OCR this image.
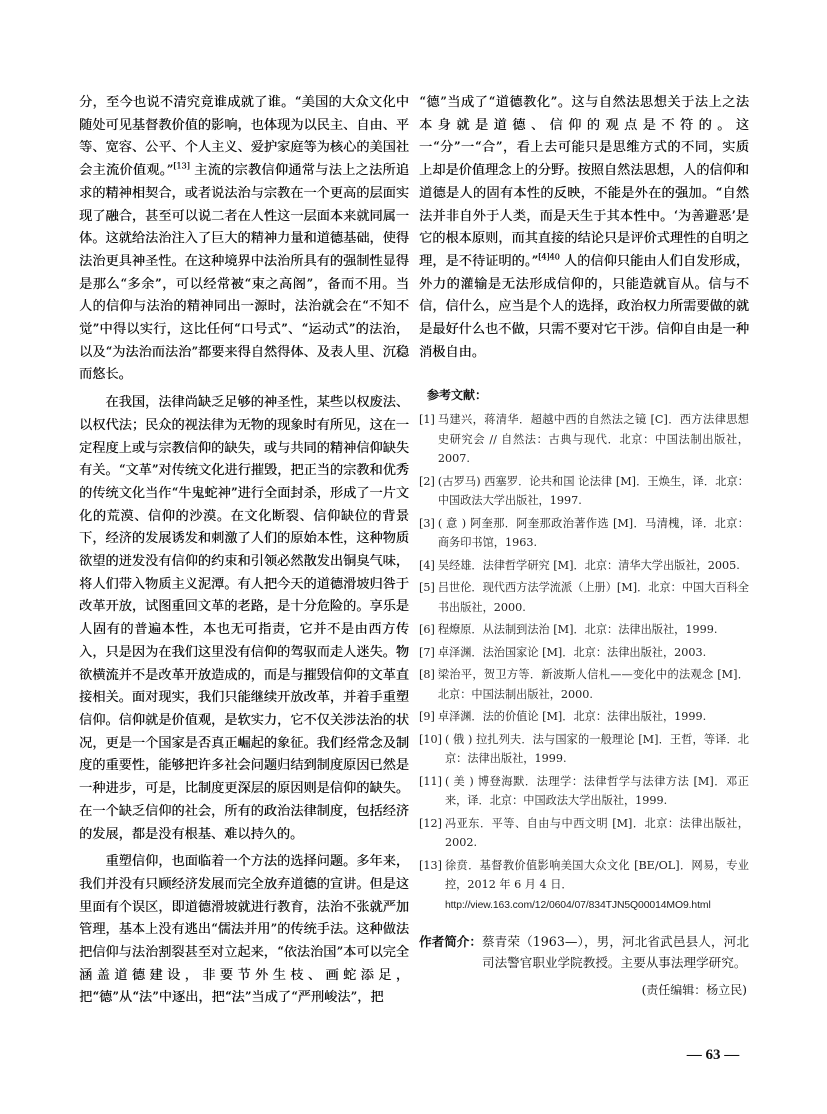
分，至今也说不清究竟谁成就了谁。“美国的大众文化中随处可见基督教价值的影响，也体现为以民主、自由、平等、宽容、公平、个人主义、爱护家庭等为核心的美国社会主流价值观。”[13] 主流的宗教信仰通常与法上之法所追求的精神相契合，或者说法治与宗教在一个更高的层面实现了融合，甚至可以说二者在人性这一层面本来就同属一体。这就给法治注入了巨大的精神力量和道德基础，使得法治更具神圣性。在这种境界中法治所具有的强制性显得是那么“多余”，可以经常被“束之高阁”，备而不用。当人的信仰与法治的精神同出一源时，法治就会在“不知不觉”中得以实行，这比任何“口号式”、“运动式”的法治，以及“为法治而法治”都要来得自然得体、及表人里、沉稳而悠长。

在我国，法律尚缺乏足够的神圣性，某些以权废法、以权代法；民众的视法律为无物的现象时有所见，这在一定程度上或与宗教信仰的缺失，或与共同的精神信仰缺失有关。“文革”对传统文化进行摧毁，把正当的宗教和优秀的传统文化当作“牛鬼蛇神”进行全面封杀，形成了一片文化的荒漠、信仰的沙漠。在文化断裂、信仰缺位的背景下，经济的发展诱发和刺激了人们的原始本性，这种物质欲望的迸发没有信仰的约束和引领必然散发出铜臭气味，将人们带入物质主义泥潭。有人把今天的道德滑坡归咎于改革开放，试图重回文革的老路，是十分危险的。享乐是人固有的普遍本性，本也无可指责，它并不是由西方传入，只是因为在我们这里没有信仰的驾驭而走人迷失。物欲横流并不是改革开放造成的，而是与摧毁信仰的文革直接相关。面对现实，我们只能继续开放改革，并着手重塑信仰。信仰就是价值观，是软实力，它不仅关涉法治的状况，更是一个国家是否真正崛起的象征。我们经常念及制度的重要性，能够把许多社会问题归结到制度原因已然是一种进步，可是，比制度更深层的原因则是信仰的缺失。在一个缺乏信仰的社会，所有的政治法律制度，包括经济的发展，都是没有根基、难以持久的。

重塑信仰，也面临着一个方法的选择问题。多年来，我们并没有只顾经济发展而完全放弃道德的宣讲。但是这里面有个误区，即道德滑坡就进行教育，法治不张就严加管理，基本上没有逃出“儒法并用”的传统手法。这种做法把信仰与法治割裂甚至对立起来，“依法治国”本可以完全涵盖道德建设，非要节外生枝、画蛇添足，把“德”从“法”中逐出，把“法”当成了“严刑峻法”，把

“德”当成了“道德教化”。这与自然法思想关于法上之法本身就是道德、信仰的观点是不符的。这一“分”一“合”，看上去可能只是思维方式的不同，实质上却是价值理念上的分野。按照自然法思想，人的信仰和道德是人的固有本性的反映，不能是外在的强加。“自然法并非自外于人类，而是天生于其本性中。‘为善避恶’是它的根本原则，而其直接的结论只是评价式理性的自明之理，是不待证明的。”$^{[4]40}$ 人的信仰只能由人们自发形成，外力的灌输是无法形成信仰的，只能造就盲从。信与不信，信什么，应当是个人的选择，政治权力所需要做的就是最好什么也不做，只需不要对它干涉。信仰自由是一种消极自由。

参考文献：
[1] 马建兴，蒋清华．超越中西的自然法之镜 [C]．西方法律思想史研究会 // 自然法：古典与现代．北京：中国法制出版社，2007.
[2] (古罗马) 西塞罗．论共和国 论法律 [M]．王焕生，译．北京：中国政法大学出版社，1997.
[3] ( 意 ) 阿奎那．阿奎那政治著作选 [M]．马清槐，译．北京：商务印书馆，1963.
[4] 吴经雄．法律哲学研究 [M]．北京：清华大学出版社，2005.
[5] 吕世伦．现代西方法学流派（上册）[M]．北京：中国大百科全书出版社，2000.
[6] 程燎原．从法制到法治 [M]．北京：法律出版社，1999.
[7] 卓泽渊．法治国家论 [M]．北京：法律出版社，2003.
[8] 梁治平，贺卫方等．新波斯人信札——变化中的法观念 [M]．北京：中国法制出版社，2000.
[9] 卓泽渊．法的价值论 [M]．北京：法律出版社，1999.
[10] ( 俄 ) 拉扎列夫．法与国家的一般理论 [M]．王哲，等译．北京：法律出版社，1999.
[11] ( 美 ) 博登海默．法理学：法律哲学与法律方法 [M]．邓正来，译．北京：中国政法大学出版社，1999.
[12] 冯亚东．平等、自由与中西文明 [M]．北京：法律出版社，2002.
[13] 徐贲．基督教价值影响美国大众文化 [BE/OL]．网易，专业控，2012 年 6 月 4 日．
http://view.163.com/12/0604/07/834TJN5Q00014MO9.html
作者简介： 蔡青荣（1963—），男，河北省武邑县人，河北司法警官职业学院教授。主要从事法理学研究。
(责任编辑：杨立民)
— 63 —
